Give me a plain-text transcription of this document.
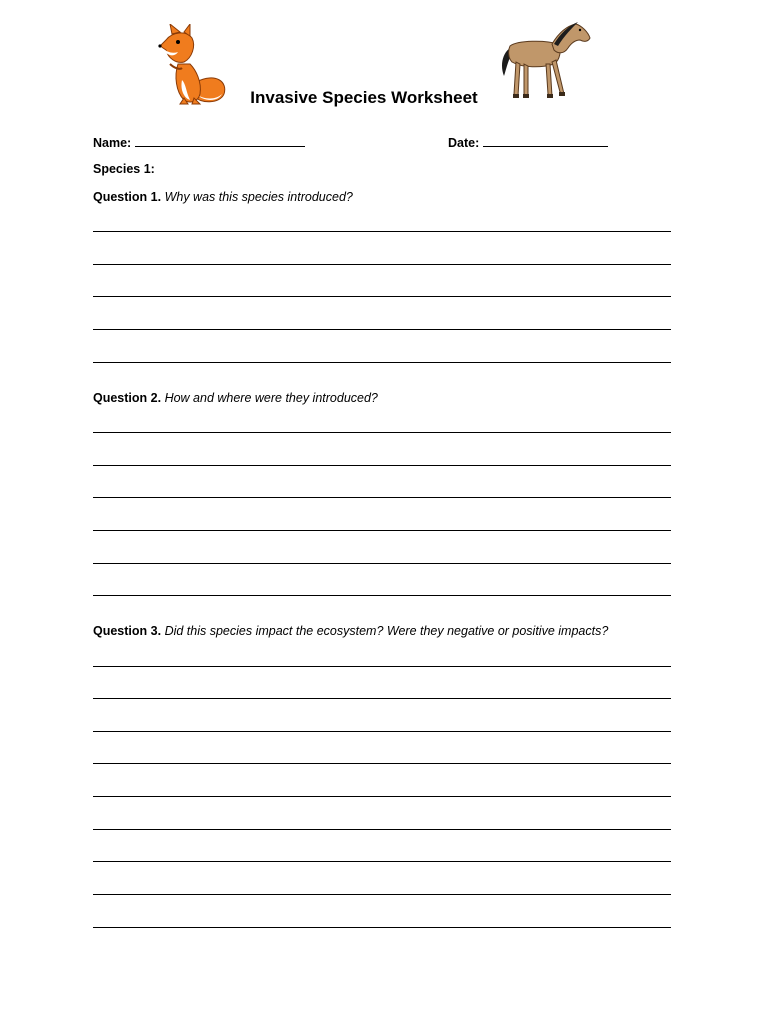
Invasive Species Worksheet
Name:	Date:
Species 1:
Question 1. Why was this species introduced?
Question 2. How and where were they introduced?
Question 3. Did this species impact the ecosystem? Were they negative or positive impacts?
